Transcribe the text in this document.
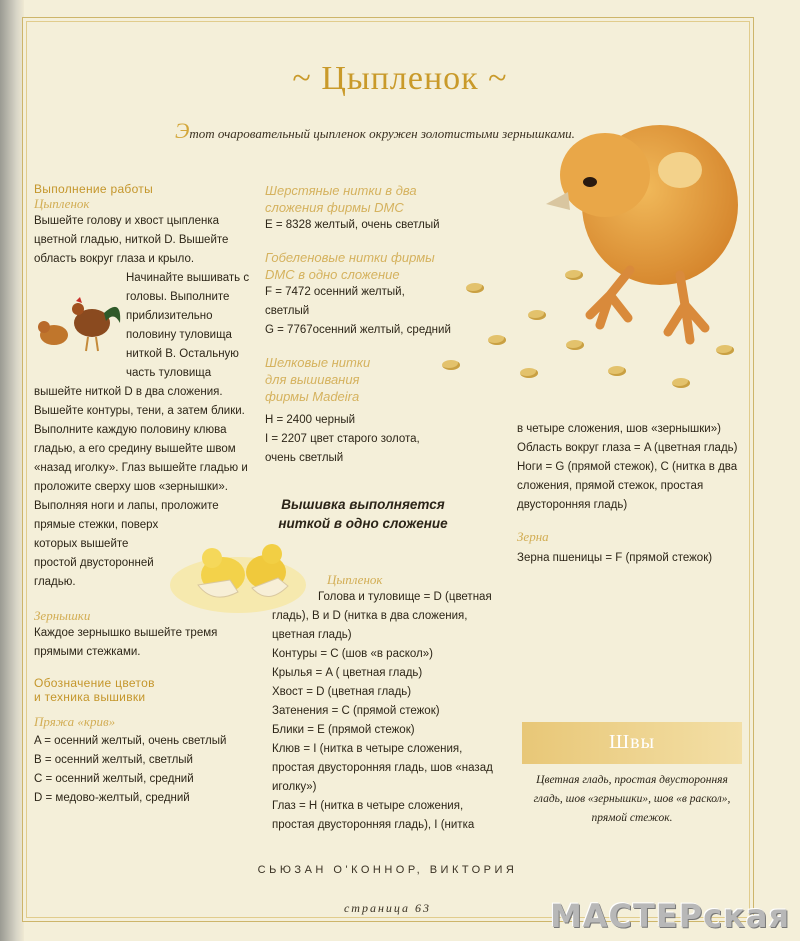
~ Цыпленок ~
Этот очаровательный цыпленок окружен золотистыми зернышками.
Выполнение работы
Цыпленок

Вышейте голову и хвост цыпленка цветной гладью, ниткой D. Вышейте область вокруг глаза и крыло. Начинайте вышивать с головы. Выполните приблизительно половину туловища ниткой B. Остальную часть туловища вышейте ниткой D в два сложения.

Вышейте контуры, тени, а затем блики. Выполните каждую половину клюва гладью, а его средину вышейте швом «назад иголку». Глаз вышейте гладью и проложите сверху шов «зернышки». Выполняя ноги и лапы, проложите прямые стежки, поверх которых вышейте простой двусторонней гладью.

Зернышки

Каждое зернышко вышейте тремя прямыми стежками.

Обозначение цветов
и техника вышивки
Пряжа «крив»

A = осенний желтый, очень светлый

B = осенний желтый, светлый

C = осенний желтый, средний

D = медово-желтый, средний

Шерстяные нитки в два
сложения фирмы DMC

E = 8328 желтый, очень светлый

Гобеленовые нитки фирмы
DMC в одно сложение

F = 7472 осенний желтый, светлый

G = 7767осенний желтый, средний

Шелковые нитки
для вышивания
фирмы Madeira

H = 2400 черный

I = 2207 цвет старого золота, очень светлый

Вышивка выполняется ниткой в одно сложение
Цыпленок

Голова и туловище = D (цветная гладь), B и D (нитка в два сложения, цветная гладь)

Контуры = C (шов «в раскол»)

Крылья = A ( цветная гладь)

Хвост = D (цветная гладь)

Затенения = C (прямой стежок)

Блики = E (прямой стежок)

Клюв = I (нитка в четыре сложения, простая двусторонняя гладь, шов «назад иголку»)

Глаз = H (нитка в четыре сложения, простая двусторонняя гладь), I (нитка

в четыре сложения, шов «зернышки»)

Область вокруг глаза = A (цветная гладь)

Ноги = G (прямой стежок), C (нитка в два сложения, прямой стежок, простая двусторонняя гладь)

Зерна

Зерна пшеницы = F (прямой стежок)

Швы
Цветная гладь, простая двусторонняя гладь, шов «зернышки», шов «в раскол», прямой стежок.
СЬЮЗАН О'КОННОР, ВИКТОРИЯ
страница 63	МАСТЕРская
